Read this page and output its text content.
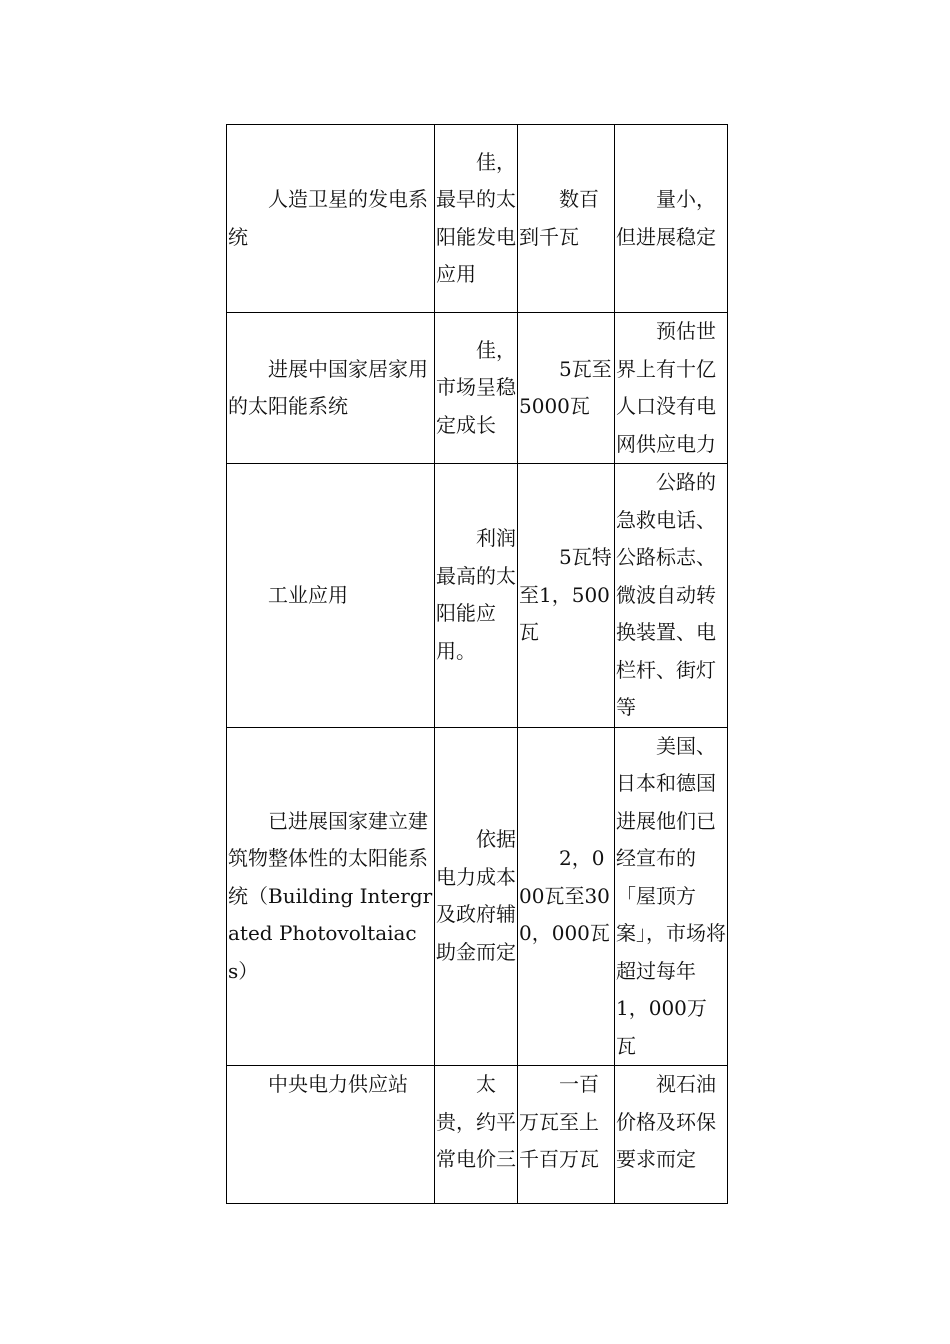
人造卫星的发电系统	佳，最早的太阳能发电应用	数百到千瓦	量小，但进展稳定
进展中国家居家用的太阳能系统	佳，市场呈稳定成长	5瓦至5000瓦	预估世界上有十亿人口没有电网供应电力
工业应用	利润最高的太阳能应用。	5瓦特至1，500瓦	公路的急救电话、公路标志、微波自动转换装置、电栏杆、街灯等
已进展国家建立建筑物整体性的太阳能系统（Building Intergrated Photovoltaiacs）	依据电力成本及政府辅助金而定	2，000瓦至300，000瓦	美国、日本和德国进展他们已经宣布的「屋顶方案」，市场将超过每年1，000万瓦
中央电力供应站	太贵，约平常电价三	一百万瓦至上千百万瓦	视石油价格及环保要求而定
